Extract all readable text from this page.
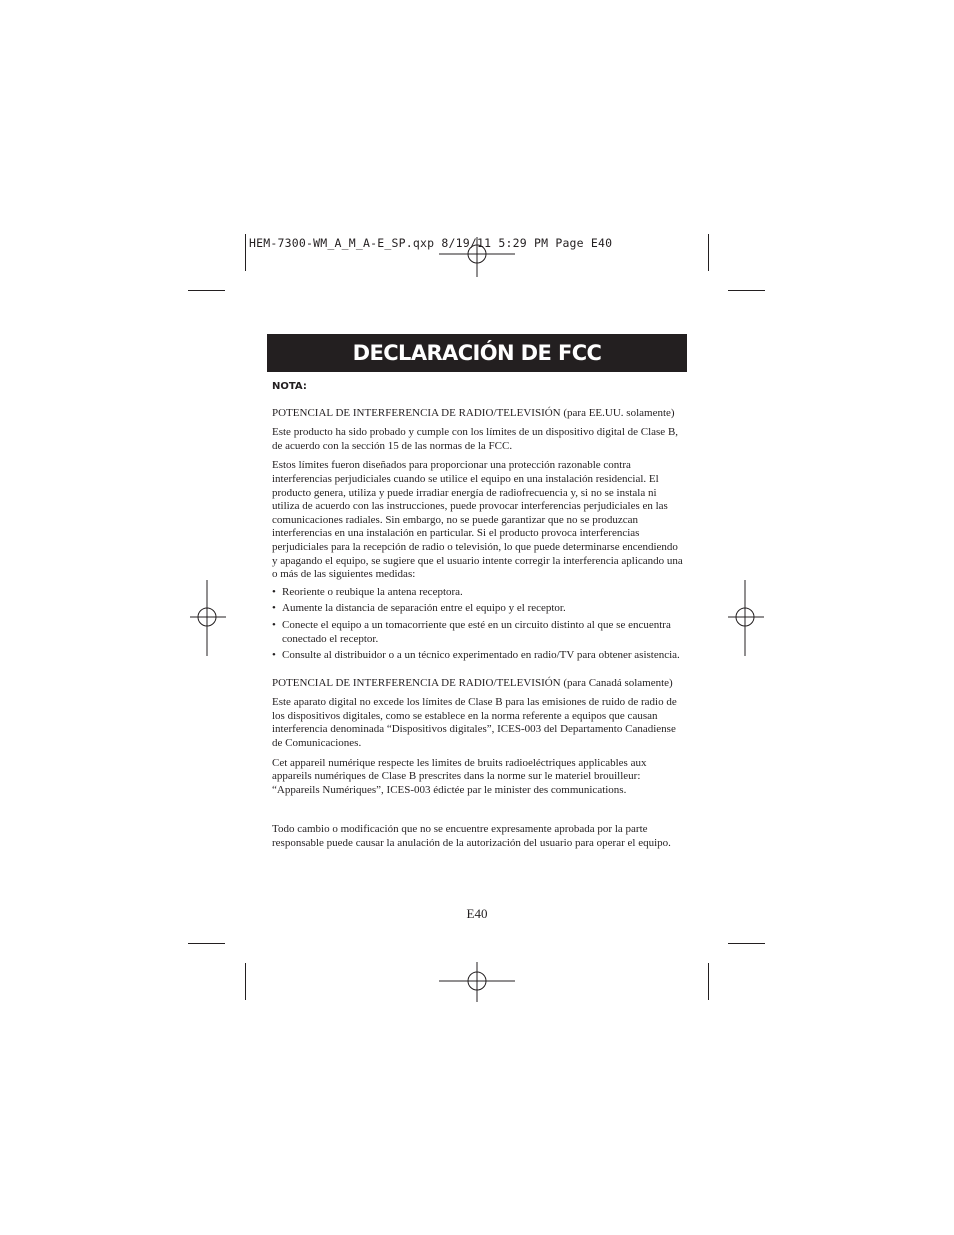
HEM-7300-WM_A_M_A-E_SP.qxp 8/19/11 5:29 PM Page E40
DECLARACIÓN DE FCC

NOTA:

POTENCIAL DE INTERFERENCIA DE RADIO/TELEVISIÓN (para EE.UU. solamente)

Este producto ha sido probado y cumple con los límites de un dispositivo digital de Clase B, de acuerdo con la sección 15 de las normas de la FCC.

Estos límites fueron diseñados para proporcionar una protección razonable contra interferencias perjudiciales cuando se utilice el equipo en una instalación residencial. El producto genera, utiliza y puede irradiar energía de radiofrecuencia y, si no se instala ni utiliza de acuerdo con las instrucciones, puede provocar interferencias perjudiciales en las comunicaciones radiales. Sin embargo, no se puede garantizar que no se produzcan interferencias en una instalación en particular. Si el producto provoca interferencias perjudiciales para la recepción de radio o televisión, lo que puede determinarse encendiendo y apagando el equipo, se sugiere que el usuario intente corregir la interferencia aplicando una o más de las siguientes medidas:

• Reoriente o reubique la antena receptora.
• Aumente la distancia de separación entre el equipo y el receptor.
• Conecte el equipo a un tomacorriente que esté en un circuito distinto al que se encuentra conectado el receptor.
• Consulte al distribuidor o a un técnico experimentado en radio/TV para obtener asistencia.

POTENCIAL DE INTERFERENCIA DE RADIO/TELEVISIÓN (para Canadá solamente)

Este aparato digital no excede los límites de Clase B para las emisiones de ruido de radio de los dispositivos digitales, como se establece en la norma referente a equipos que causan interferencia denominada “Dispositivos digitales”, ICES-003 del Departamento Canadiense de Comunicaciones.

Cet appareil numérique respecte les limites de bruits radioeléctriques applicables aux appareils numériques de Clase B prescrites dans la norme sur le materiel brouilleur: “Appareils Numériques”, ICES-003 édictée par le minister des communications.

Todo cambio o modificación que no se encuentre expresamente aprobada por la parte responsable puede causar la anulación de la autorización del usuario para operar el equipo.

E40
